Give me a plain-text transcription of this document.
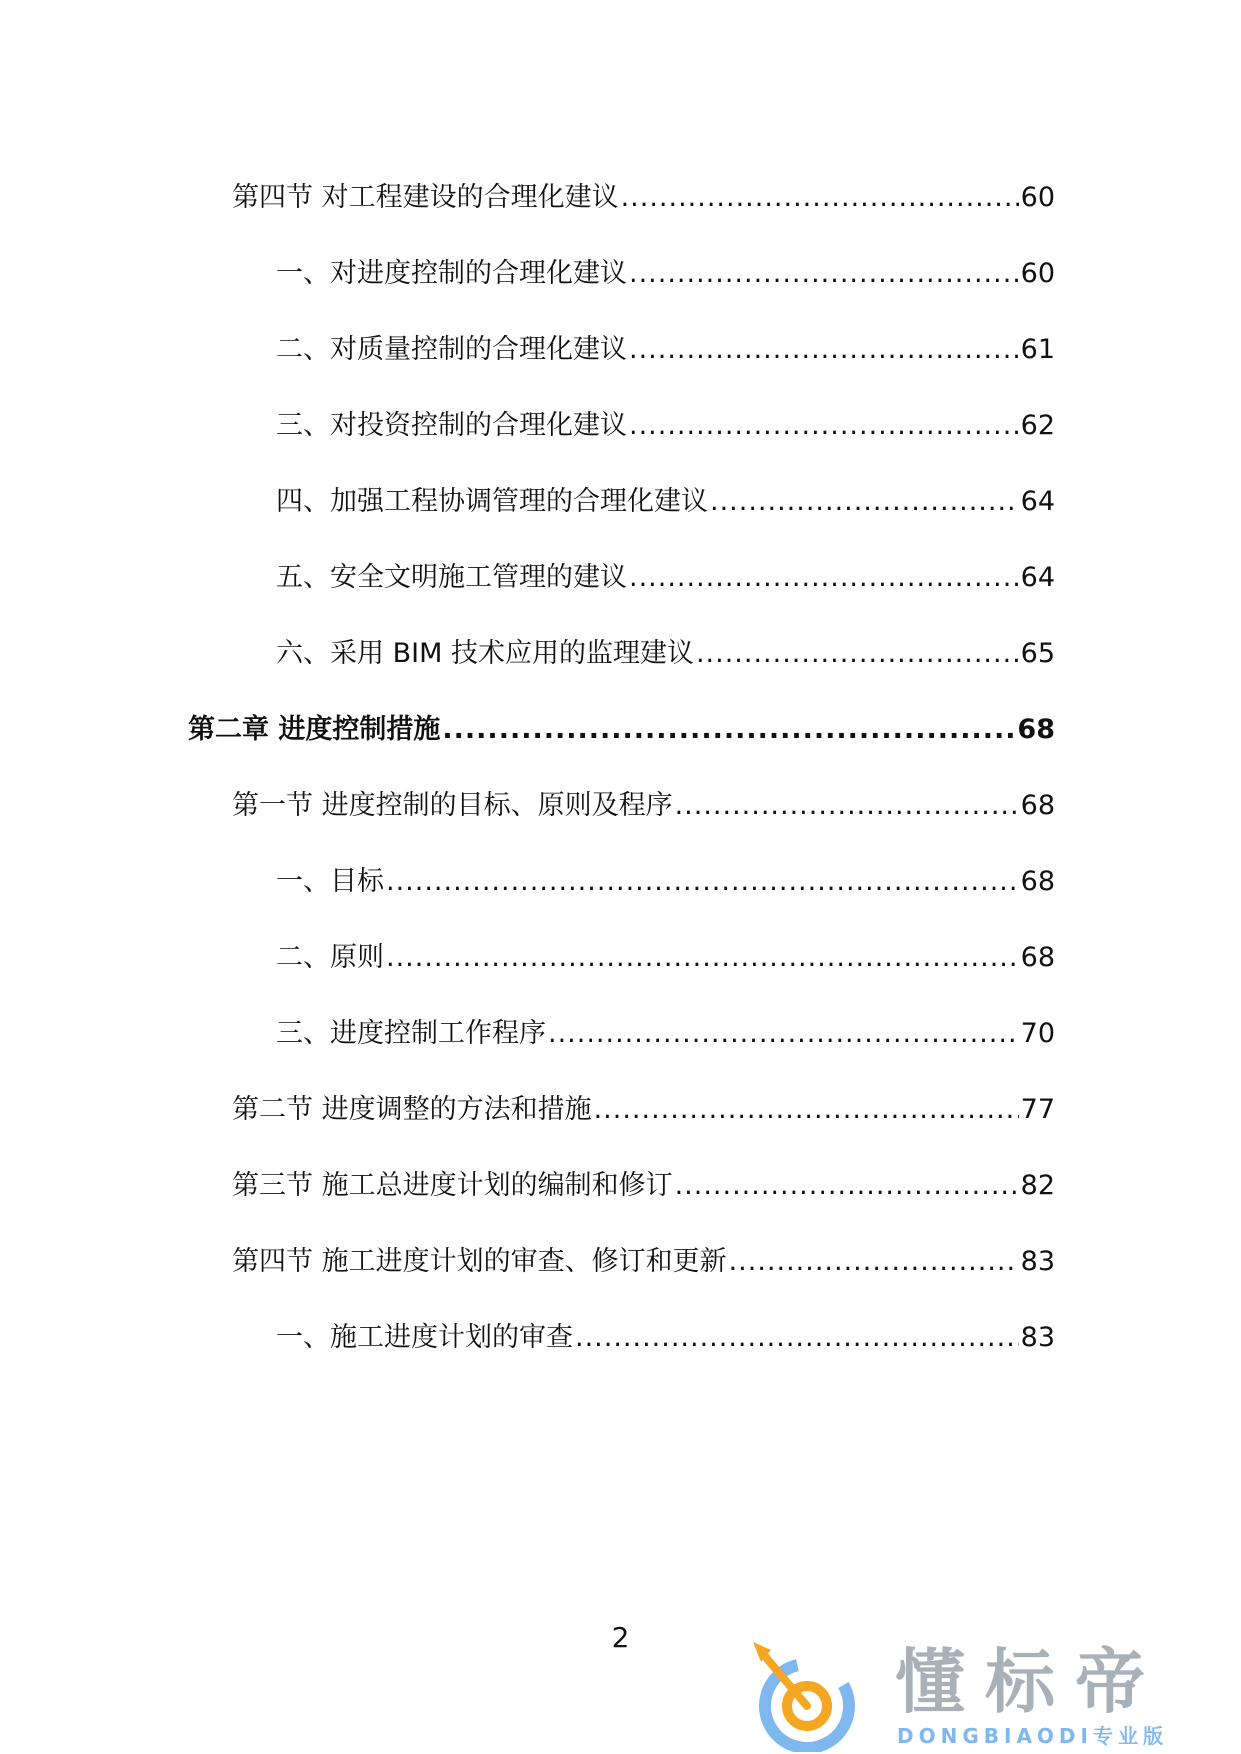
第四节 对工程建设的合理化建议 .....	60
一、对进度控制的合理化建议 .....	60
二、对质量控制的合理化建议 .....	61
三、对投资控制的合理化建议 .....	62
四、加强工程协调管理的合理化建议 .....	64
五、安全文明施工管理的建议 .....	64
六、采用 BIM 技术应用的监理建议 .....	65
第二章 进度控制措施 .....	68
第一节 进度控制的目标、原则及程序 .....	68
一、目标 .....	68
二、原则 .....	68
三、进度控制工作程序 .....	70
第二节 进度调整的方法和措施 .....	77
第三节 施工总进度计划的编制和修订 .....	82
第四节 施工进度计划的审查、修订和更新 .....	83
一、施工进度计划的审查 .....	83
2
懂标帝
DONGBIAODI专业版
